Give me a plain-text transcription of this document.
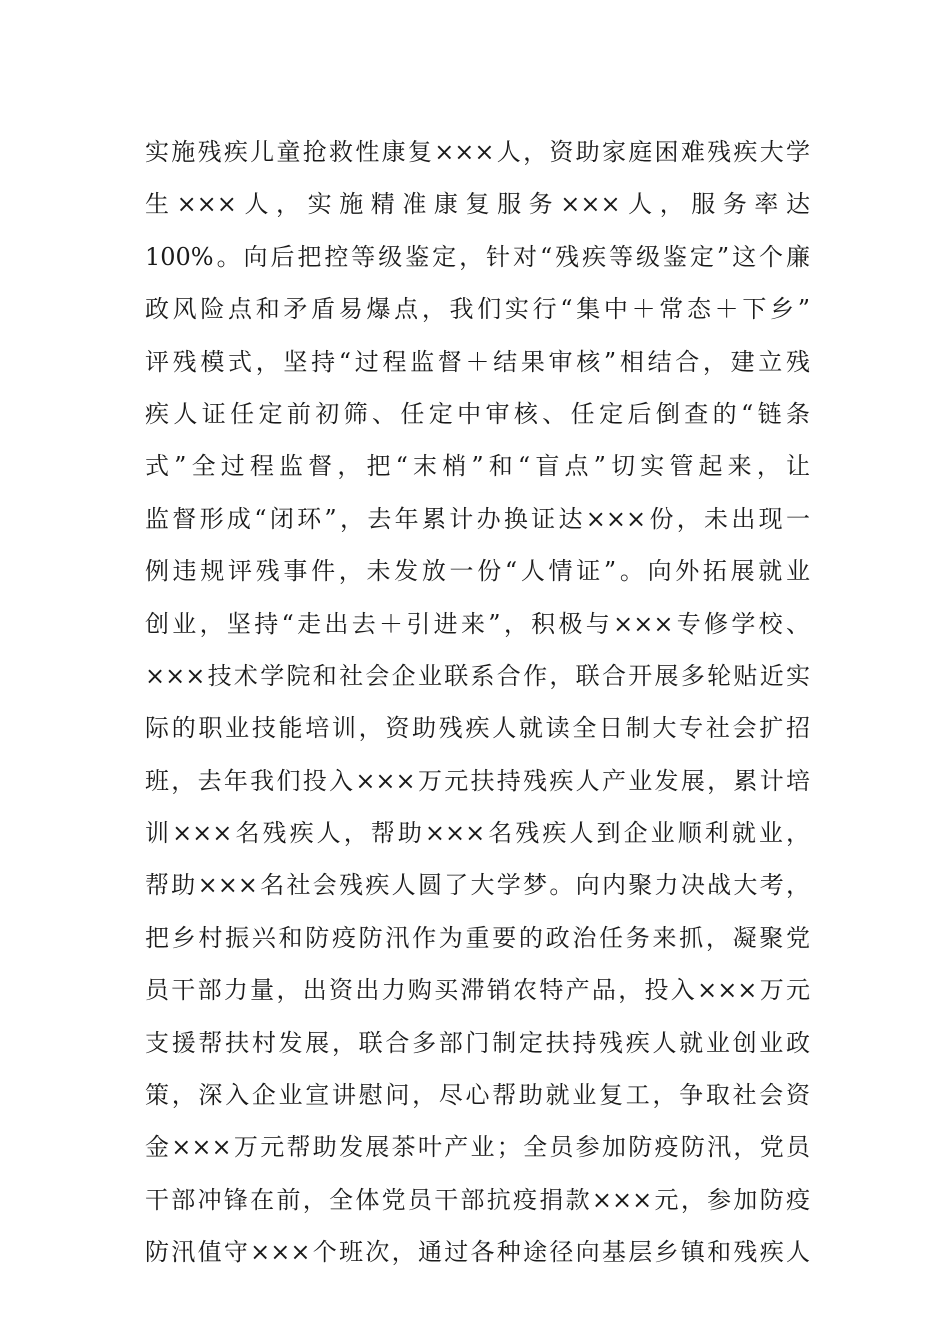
实施残疾儿童抢救性康复×××人，资助家庭困难残疾大学
生×××人，实施精准康复服务×××人，服务率达
100%。向后把控等级鉴定，针对“残疾等级鉴定”这个廉
政风险点和矛盾易爆点，我们实行“集中＋常态＋下乡”
评残模式，坚持“过程监督＋结果审核”相结合，建立残
疾人证任定前初筛、任定中审核、任定后倒查的“链条
式”全过程监督，把“末梢”和“盲点”切实管起来，让
监督形成“闭环”，去年累计办换证达×××份，未出现一
例违规评残事件，未发放一份“人情证”。向外拓展就业
创业，坚持“走出去＋引进来”，积极与×××专修学校、
×××技术学院和社会企业联系合作，联合开展多轮贴近实
际的职业技能培训，资助残疾人就读全日制大专社会扩招
班，去年我们投入×××万元扶持残疾人产业发展，累计培
训×××名残疾人，帮助×××名残疾人到企业顺利就业，
帮助×××名社会残疾人圆了大学梦。向内聚力决战大考，
把乡村振兴和防疫防汛作为重要的政治任务来抓，凝聚党
员干部力量，出资出力购买滞销农特产品，投入×××万元
支援帮扶村发展，联合多部门制定扶持残疾人就业创业政
策，深入企业宣讲慰问，尽心帮助就业复工，争取社会资
金×××万元帮助发展茶叶产业；全员参加防疫防汛，党员
干部冲锋在前，全体党员干部抗疫捐款×××元，参加防疫
防汛值守×××个班次，通过各种途径向基层乡镇和残疾人
